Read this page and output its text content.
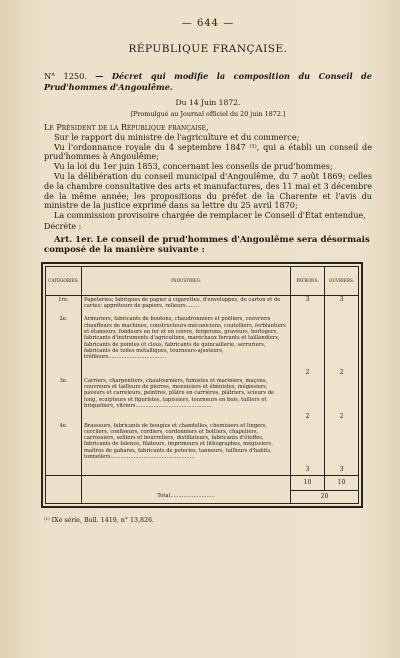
— 644 —
RÉPUBLIQUE FRANÇAISE.
N° 1250. — Décret qui modifie la composition du Conseil de Prud'hommes d'Angoulême.
Du 14 Juin 1872.
[Promulgué au Journal officiel du 20 juin 1872.]
Le Président de la République française,

Sur le rapport du ministre de l'agriculture et du commerce;

Vu l'ordonnance royale du 4 septembre 1847 ⁽¹⁾, qui a établi un conseil de prud'hommes à Angoulême;

Vu la loi du 1er juin 1853, concernant les conseils de prud'hommes;

Vu la délibération du conseil municipal d'Angoulême, du 7 août 1869; celles de la chambre consultative des arts et manufactures, des 11 mai et 3 décembre de la même année; les propositions du préfet de la Charente et l'avis du ministre de la justice exprimé dans sa lettre du 25 avril 1870;

La commission provisoire chargée de remplacer le Conseil d'État entendue,

Décrète :
Art. 1er. Le conseil de prud'hommes d'Angoulême sera désormais composé de la manière suivante :
CATÉGORIES.	INDUSTRIES.	PATRONS.	OUVRIERS.
1re.	Papeteries; fabriques de papier à cigarettes, d'enveloppes, de carton et de cartes; appréteurs de papiers, relieurs........	3	3
2e.	Armuriers, fabricants de boutons, chaudronniers et poëliers, couvriers chauffeurs de machines, constructeurs-mécaniciens, coutelliers, ferblantiers et étameurs, fondeurs en fer et en cuivre, forgerons, graveurs, horlogers, fabricants d'instruments d'agriculture, maréchaux ferrants et taillandiers, fabricants de pointes et clous, fabricants de quincaillerie, serruriers, fabricants de toiles métalliques, tourneurs-ajusteurs, tréfileurs...................................	2	2
3e.	Carriers, charpentiers, chaufourniers, fumistes et mariniers, maçons, couvreurs et tailleurs de pierres, menuisiers et ébénistes, mégissiers, paveurs et carreleurs, peintres, plâtre en carrières, plâtriers, scieurs de long, sculpteurs et figuristes, tapissiers, tourneurs en bois, tuiliers et briquetiers, vitriers..............................................	2	2
4e.	Brasseurs, fabricants de bougies et chandelles, chemisiers et lingers, cercliers, confiseurs, cordiers, cordonniers et bottiers, chapeliers, carrossiers, selliers et bourreliers, distillateurs, fabricants d'étoffes, fabricants de faïence, filateurs, imprimeurs et lithographes, mégissiers, maîtres de gabares, fabricants de poteries, tanneurs, tailleurs d'habits, tonneliers...................................................	3	3
		10	10
	Total...........................	20	
⁽¹⁾ IXe série, Bull. 1419, n° 13,826.
